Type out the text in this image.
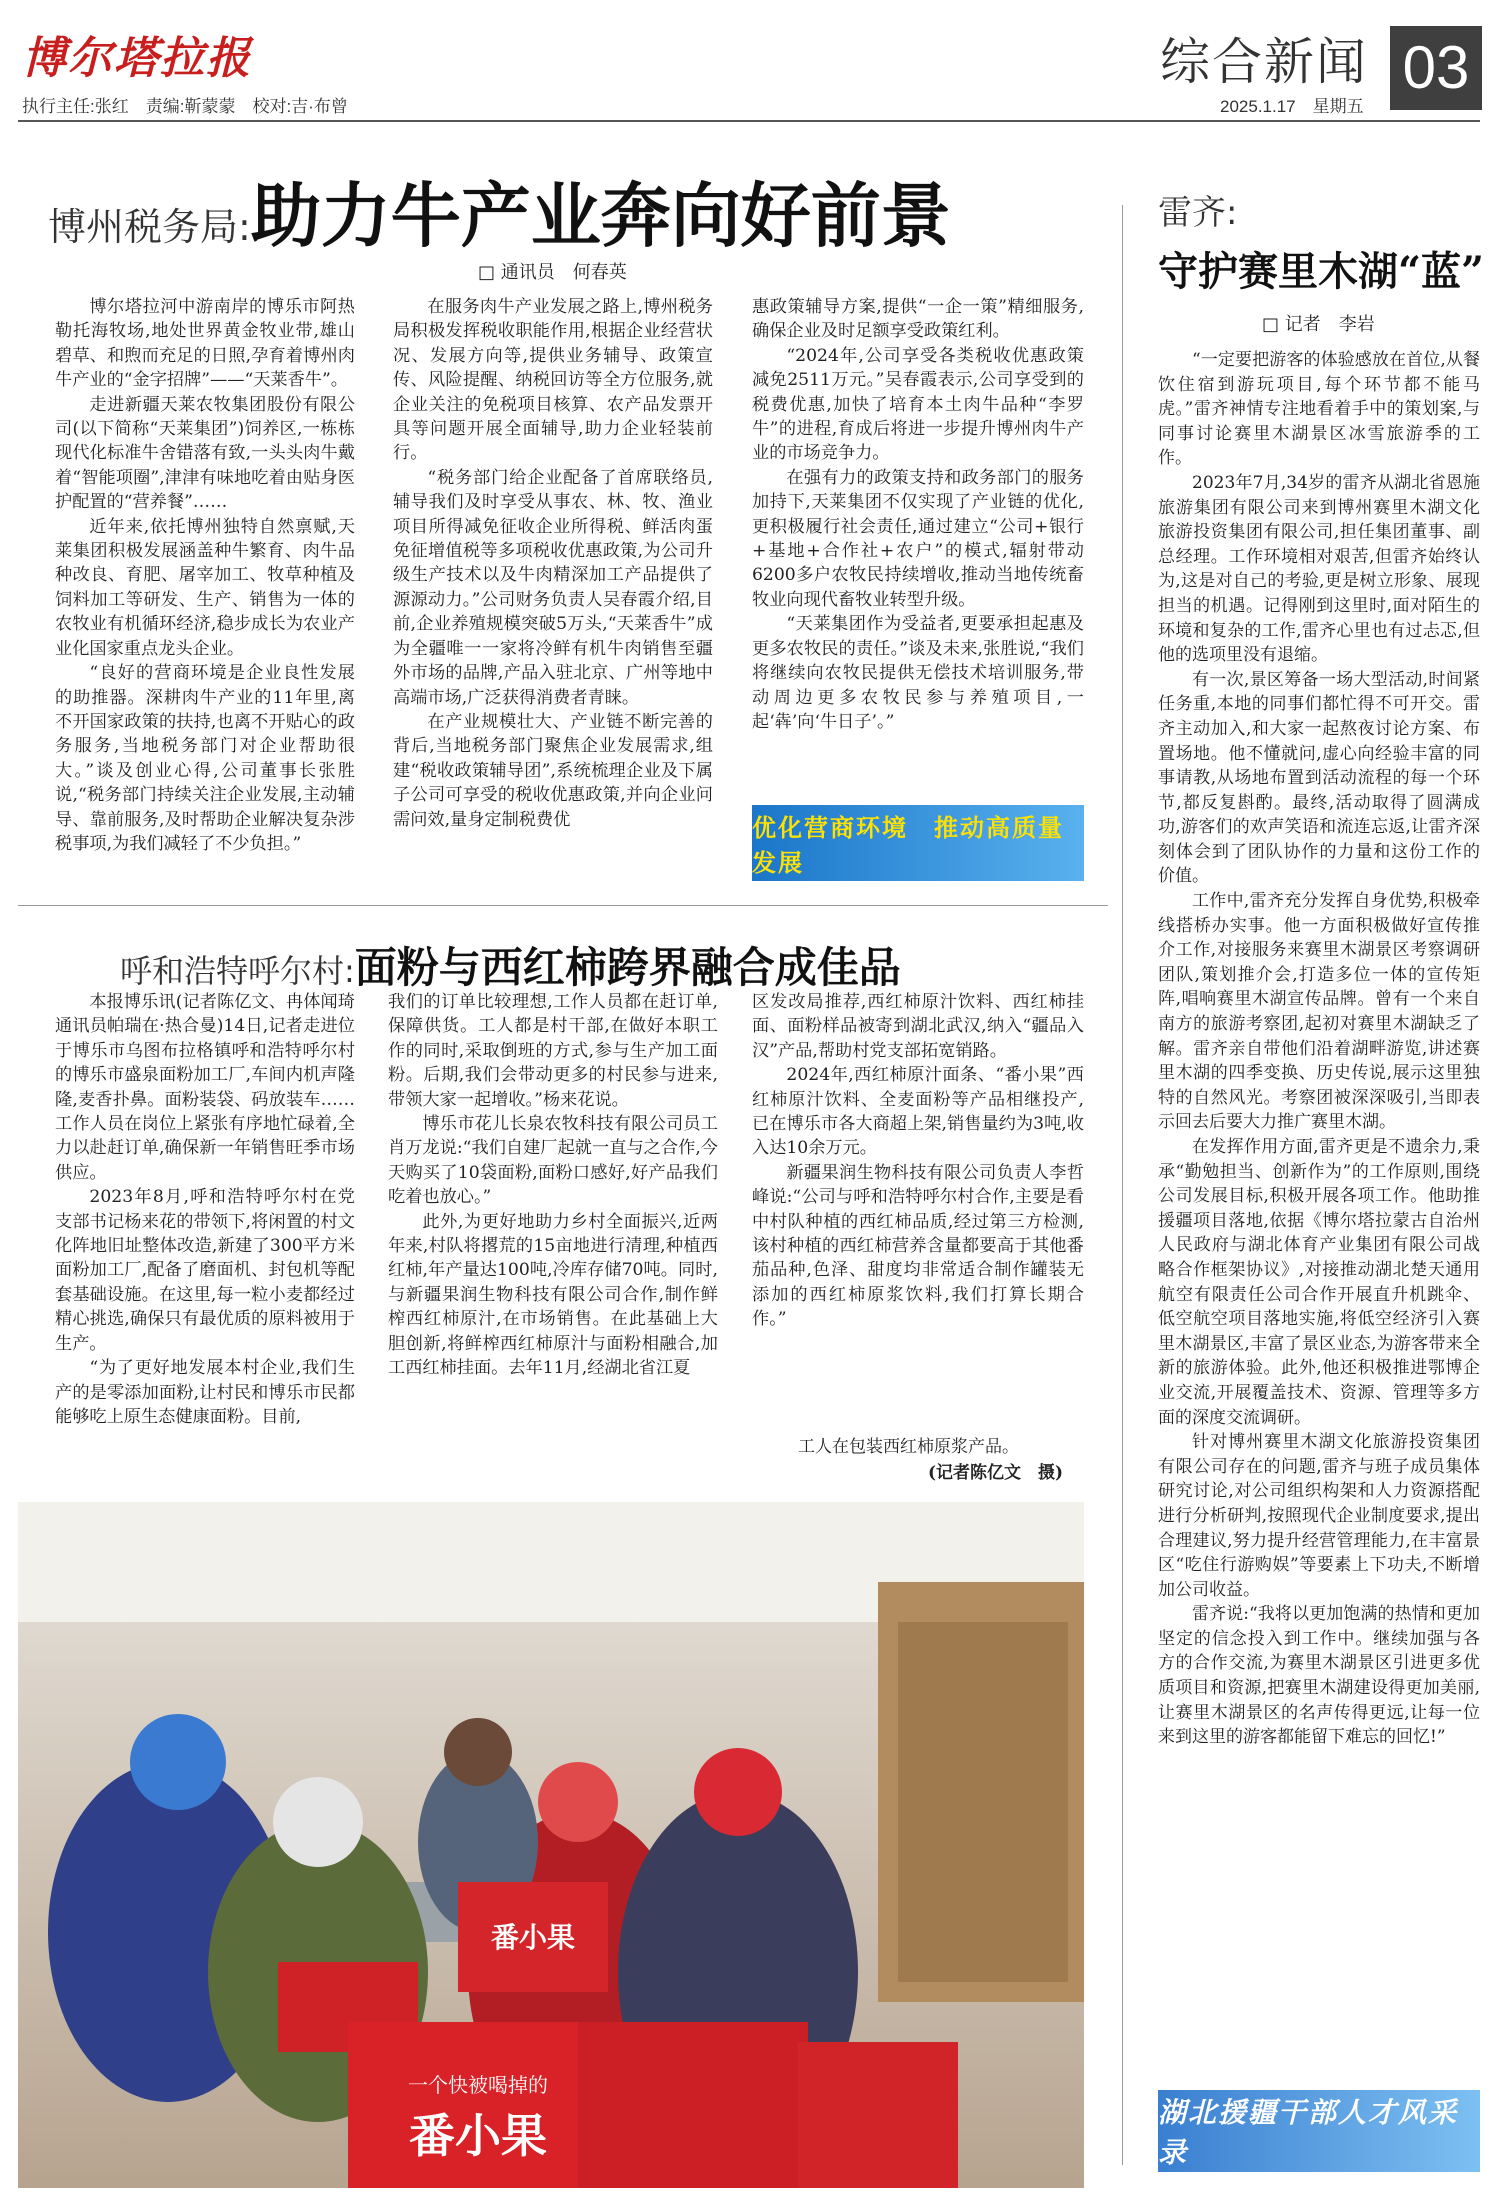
博尔塔拉报
执行主任:张红　责编:靳蒙蒙　校对:吉·布曾
综合新闻 03
2025.1.17　星期五
博州税务局:助力牛产业奔向好前景
□ 通讯员　何春英

博尔塔拉河中游南岸的博乐市阿热勒托海牧场,地处世界黄金牧业带,雄山碧草、和煦而充足的日照,孕育着博州肉牛产业的“金字招牌”——“天莱香牛”。

走进新疆天莱农牧集团股份有限公司(以下简称“天莱集团”)饲养区,一栋栋现代化标准牛舍错落有致,一头头肉牛戴着“智能项圈”,津津有味地吃着由贴身医护配置的“营养餐”……

近年来,依托博州独特自然禀赋,天莱集团积极发展涵盖种牛繁育、肉牛品种改良、育肥、屠宰加工、牧草种植及饲料加工等研发、生产、销售为一体的农牧业有机循环经济,稳步成长为农业产业化国家重点龙头企业。

“良好的营商环境是企业良性发展的助推器。深耕肉牛产业的11年里,离不开国家政策的扶持,也离不开贴心的政务服务,当地税务部门对企业帮助很大。”谈及创业心得,公司董事长张胜说,“税务部门持续关注企业发展,主动辅导、靠前服务,及时帮助企业解决复杂涉税事项,为我们减轻了不少负担。”

在服务肉牛产业发展之路上,博州税务局积极发挥税收职能作用,根据企业经营状况、发展方向等,提供业务辅导、政策宣传、风险提醒、纳税回访等全方位服务,就企业关注的免税项目核算、农产品发票开具等问题开展全面辅导,助力企业轻装前行。

“税务部门给企业配备了首席联络员,辅导我们及时享受从事农、林、牧、渔业项目所得减免征收企业所得税、鲜活肉蛋免征增值税等多项税收优惠政策,为公司升级生产技术以及牛肉精深加工产品提供了源源动力。”公司财务负责人吴春霞介绍,目前,企业养殖规模突破5万头,“天莱香牛”成为全疆唯一一家将冷鲜有机牛肉销售至疆外市场的品牌,产品入驻北京、广州等地中高端市场,广泛获得消费者青睐。

在产业规模壮大、产业链不断完善的背后,当地税务部门聚焦企业发展需求,组建“税收政策辅导团”,系统梳理企业及下属子公司可享受的税收优惠政策,并向企业问需问效,量身定制税费优

惠政策辅导方案,提供“一企一策”精细服务,确保企业及时足额享受政策红利。

“2024年,公司享受各类税收优惠政策减免2511万元。”吴春霞表示,公司享受到的税费优惠,加快了培育本土肉牛品种“李罗牛”的进程,育成后将进一步提升博州肉牛产业的市场竞争力。

在强有力的政策支持和政务部门的服务加持下,天莱集团不仅实现了产业链的优化,更积极履行社会责任,通过建立“公司+银行+基地+合作社+农户”的模式,辐射带动6200多户农牧民持续增收,推动当地传统畜牧业向现代畜牧业转型升级。

“天莱集团作为受益者,更要承担起惠及更多农牧民的责任。”谈及未来,张胜说,“我们将继续向农牧民提供无偿技术培训服务,带动周边更多农牧民参与养殖项目,一起‘犇’向‘牛日子’。”

优化营商环境　推动高质量发展
呼和浩特呼尔村:面粉与西红柿跨界融合成佳品

本报博乐讯(记者陈亿文、冉体闻琦　通讯员帕瑞在·热合曼)14日,记者走进位于博乐市乌图布拉格镇呼和浩特呼尔村的博乐市盛泉面粉加工厂,车间内机声隆隆,麦香扑鼻。面粉装袋、码放装车……工作人员在岗位上紧张有序地忙碌着,全力以赴赶订单,确保新一年销售旺季市场供应。

2023年8月,呼和浩特呼尔村在党支部书记杨来花的带领下,将闲置的村文化阵地旧址整体改造,新建了300平方米面粉加工厂,配备了磨面机、封包机等配套基础设施。在这里,每一粒小麦都经过精心挑选,确保只有最优质的原料被用于生产。

“为了更好地发展本村企业,我们生产的是零添加面粉,让村民和博乐市民都能够吃上原生态健康面粉。目前,

我们的订单比较理想,工作人员都在赶订单,保障供货。工人都是村干部,在做好本职工作的同时,采取倒班的方式,参与生产加工面粉。后期,我们会带动更多的村民参与进来,带领大家一起增收。”杨来花说。

博乐市花儿长泉农牧科技有限公司员工肖万龙说:“我们自建厂起就一直与之合作,今天购买了10袋面粉,面粉口感好,好产品我们吃着也放心。”

此外,为更好地助力乡村全面振兴,近两年来,村队将撂荒的15亩地进行清理,种植西红柿,年产量达100吨,冷库存储70吨。同时,与新疆果润生物科技有限公司合作,制作鲜榨西红柿原汁,在市场销售。在此基础上大胆创新,将鲜榨西红柿原汁与面粉相融合,加工西红柿挂面。去年11月,经湖北省江夏

区发改局推荐,西红柿原汁饮料、西红柿挂面、面粉样品被寄到湖北武汉,纳入“疆品入汉”产品,帮助村党支部拓宽销路。

2024年,西红柿原汁面条、“番小果”西红柿原汁饮料、全麦面粉等产品相继投产,已在博乐市各大商超上架,销售量约为3吨,收入达10余万元。

新疆果润生物科技有限公司负责人李哲峰说:“公司与呼和浩特呼尔村合作,主要是看中村队种植的西红柿品质,经过第三方检测,该村种植的西红柿营养含量都要高于其他番茄品种,色泽、甜度均非常适合制作罐装无添加的西红柿原浆饮料,我们打算长期合作。”

工人在包装西红柿原浆产品。
(记者陈亿文　摄)
一个快被喝掉的
番小果
番小果
雷齐:
守护赛里木湖“蓝”
□ 记者　李岩

“一定要把游客的体验感放在首位,从餐饮住宿到游玩项目,每个环节都不能马虎。”雷齐神情专注地看着手中的策划案,与同事讨论赛里木湖景区冰雪旅游季的工作。

2023年7月,34岁的雷齐从湖北省恩施旅游集团有限公司来到博州赛里木湖文化旅游投资集团有限公司,担任集团董事、副总经理。工作环境相对艰苦,但雷齐始终认为,这是对自己的考验,更是树立形象、展现担当的机遇。记得刚到这里时,面对陌生的环境和复杂的工作,雷齐心里也有过忐忑,但他的选项里没有退缩。

有一次,景区筹备一场大型活动,时间紧任务重,本地的同事们都忙得不可开交。雷齐主动加入,和大家一起熬夜讨论方案、布置场地。他不懂就问,虚心向经验丰富的同事请教,从场地布置到活动流程的每一个环节,都反复斟酌。最终,活动取得了圆满成功,游客们的欢声笑语和流连忘返,让雷齐深刻体会到了团队协作的力量和这份工作的价值。

工作中,雷齐充分发挥自身优势,积极牵线搭桥办实事。他一方面积极做好宣传推介工作,对接服务来赛里木湖景区考察调研团队,策划推介会,打造多位一体的宣传矩阵,唱响赛里木湖宣传品牌。曾有一个来自南方的旅游考察团,起初对赛里木湖缺乏了解。雷齐亲自带他们沿着湖畔游览,讲述赛里木湖的四季变换、历史传说,展示这里独特的自然风光。考察团被深深吸引,当即表示回去后要大力推广赛里木湖。

在发挥作用方面,雷齐更是不遗余力,秉承“勤勉担当、创新作为”的工作原则,围绕公司发展目标,积极开展各项工作。他助推援疆项目落地,依据《博尔塔拉蒙古自治州人民政府与湖北体育产业集团有限公司战略合作框架协议》,对接推动湖北楚天通用航空有限责任公司合作开展直升机跳伞、低空航空项目落地实施,将低空经济引入赛里木湖景区,丰富了景区业态,为游客带来全新的旅游体验。此外,他还积极推进鄂博企业交流,开展覆盖技术、资源、管理等多方面的深度交流调研。

针对博州赛里木湖文化旅游投资集团有限公司存在的问题,雷齐与班子成员集体研究讨论,对公司组织构架和人力资源搭配进行分析研判,按照现代企业制度要求,提出合理建议,努力提升经营管理能力,在丰富景区“吃住行游购娱”等要素上下功夫,不断增加公司收益。

雷齐说:“我将以更加饱满的热情和更加坚定的信念投入到工作中。继续加强与各方的合作交流,为赛里木湖景区引进更多优质项目和资源,把赛里木湖建设得更加美丽,让赛里木湖景区的名声传得更远,让每一位来到这里的游客都能留下难忘的回忆!”

湖北援疆干部人才风采录
